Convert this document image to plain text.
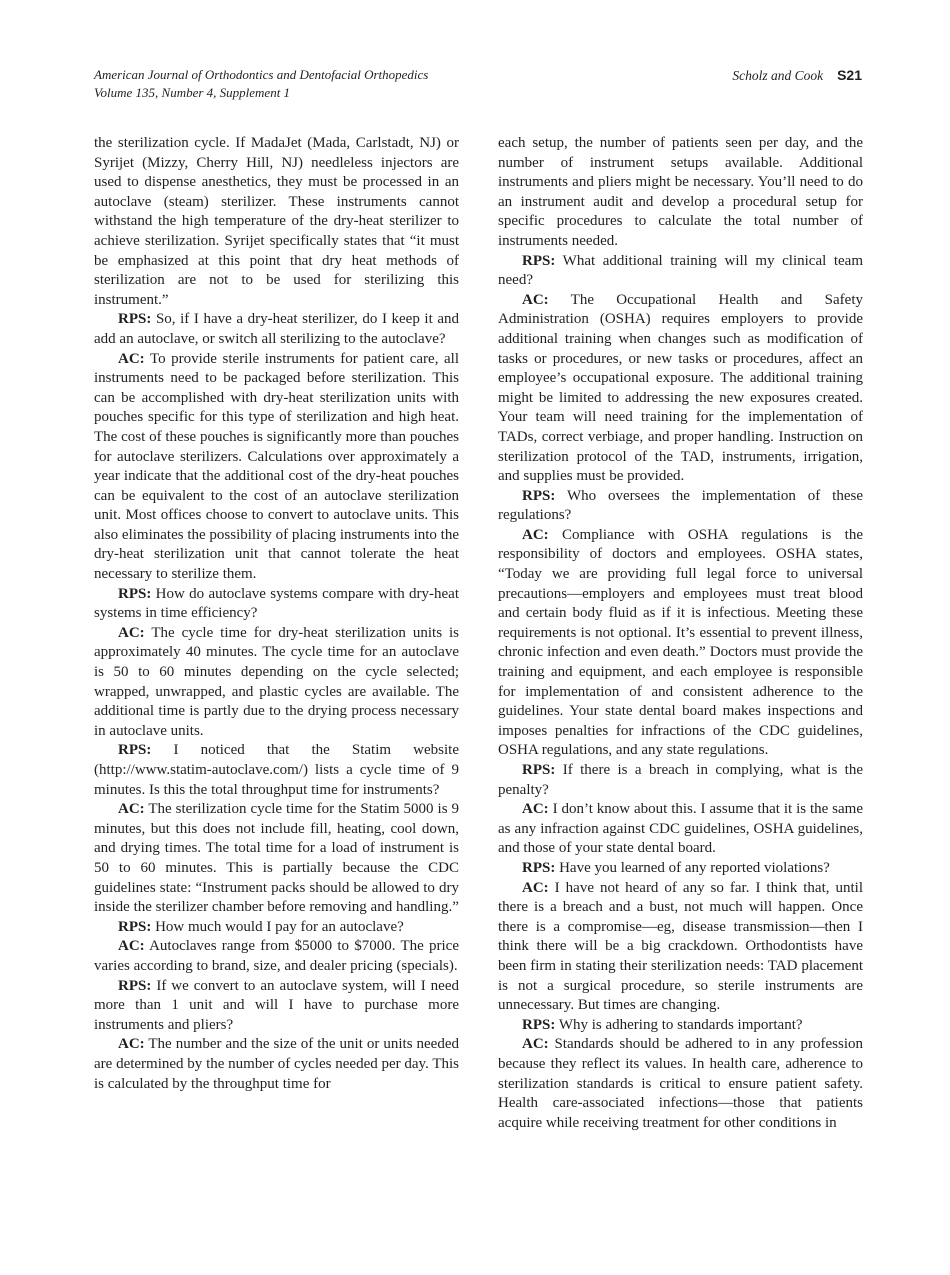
American Journal of Orthodontics and Dentofacial Orthopedics
Volume 135, Number 4, Supplement 1
Scholz and Cook S21

the sterilization cycle. If MadaJet (Mada, Carlstadt, NJ) or Syrijet (Mizzy, Cherry Hill, NJ) needleless injectors are used to dispense anesthetics, they must be processed in an autoclave (steam) sterilizer. These instruments cannot withstand the high temperature of the dry-heat sterilizer to achieve sterilization. Syrijet specifically states that “it must be emphasized at this point that dry heat methods of sterilization are not to be used for sterilizing this instrument.”

RPS: So, if I have a dry-heat sterilizer, do I keep it and add an autoclave, or switch all sterilizing to the autoclave?

AC: To provide sterile instruments for patient care, all instruments need to be packaged before sterilization. This can be accomplished with dry-heat sterilization units with pouches specific for this type of sterilization and high heat. The cost of these pouches is significantly more than pouches for autoclave sterilizers. Calculations over approximately a year indicate that the additional cost of the dry-heat pouches can be equivalent to the cost of an autoclave sterilization unit. Most offices choose to convert to autoclave units. This also eliminates the possibility of placing instruments into the dry-heat sterilization unit that cannot tolerate the heat necessary to sterilize them.

RPS: How do autoclave systems compare with dry-heat systems in time efficiency?

AC: The cycle time for dry-heat sterilization units is approximately 40 minutes. The cycle time for an autoclave is 50 to 60 minutes depending on the cycle selected; wrapped, unwrapped, and plastic cycles are available. The additional time is partly due to the drying process necessary in autoclave units.

RPS: I noticed that the Statim website (http://www.statim-autoclave.com/) lists a cycle time of 9 minutes. Is this the total throughput time for instruments?

AC: The sterilization cycle time for the Statim 5000 is 9 minutes, but this does not include fill, heating, cool down, and drying times. The total time for a load of instrument is 50 to 60 minutes. This is partially because the CDC guidelines state: “Instrument packs should be allowed to dry inside the sterilizer chamber before removing and handling.”

RPS: How much would I pay for an autoclave?

AC: Autoclaves range from $5000 to $7000. The price varies according to brand, size, and dealer pricing (specials).

RPS: If we convert to an autoclave system, will I need more than 1 unit and will I have to purchase more instruments and pliers?

AC: The number and the size of the unit or units needed are determined by the number of cycles needed per day. This is calculated by the throughput time for

each setup, the number of patients seen per day, and the number of instrument setups available. Additional instruments and pliers might be necessary. You’ll need to do an instrument audit and develop a procedural setup for specific procedures to calculate the total number of instruments needed.

RPS: What additional training will my clinical team need?

AC: The Occupational Health and Safety Administration (OSHA) requires employers to provide additional training when changes such as modification of tasks or procedures, or new tasks or procedures, affect an employee’s occupational exposure. The additional training might be limited to addressing the new exposures created. Your team will need training for the implementation of TADs, correct verbiage, and proper handling. Instruction on sterilization protocol of the TAD, instruments, irrigation, and supplies must be provided.

RPS: Who oversees the implementation of these regulations?

AC: Compliance with OSHA regulations is the responsibility of doctors and employees. OSHA states, “Today we are providing full legal force to universal precautions—employers and employees must treat blood and certain body fluid as if it is infectious. Meeting these requirements is not optional. It’s essential to prevent illness, chronic infection and even death.” Doctors must provide the training and equipment, and each employee is responsible for implementation of and consistent adherence to the guidelines. Your state dental board makes inspections and imposes penalties for infractions of the CDC guidelines, OSHA regulations, and any state regulations.

RPS: If there is a breach in complying, what is the penalty?

AC: I don’t know about this. I assume that it is the same as any infraction against CDC guidelines, OSHA guidelines, and those of your state dental board.

RPS: Have you learned of any reported violations?

AC: I have not heard of any so far. I think that, until there is a breach and a bust, not much will happen. Once there is a compromise—eg, disease transmission—then I think there will be a big crackdown. Orthodontists have been firm in stating their sterilization needs: TAD placement is not a surgical procedure, so sterile instruments are unnecessary. But times are changing.

RPS: Why is adhering to standards important?

AC: Standards should be adhered to in any profession because they reflect its values. In health care, adherence to sterilization standards is critical to ensure patient safety. Health care-associated infections—those that patients acquire while receiving treatment for other conditions in
